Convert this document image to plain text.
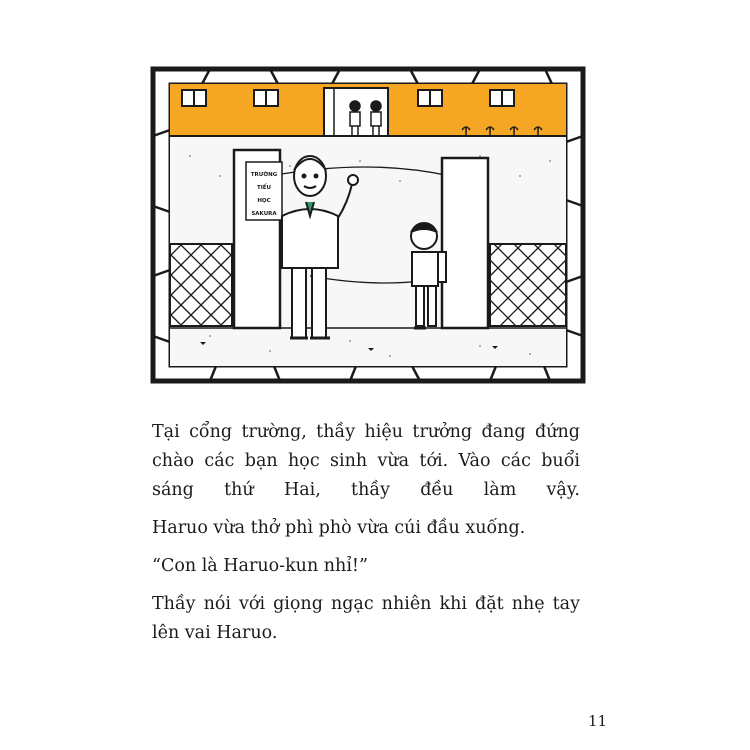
TRƯỜNG
TIỂU
HỌC
SAKURA

Tại cổng trường, thầy hiệu trưởng đang đứng chào các bạn học sinh vừa tới. Vào các buổi sáng thứ Hai, thầy đều làm vậy.

Haruo vừa thở phì phò vừa cúi đầu xuống.

“Con là Haruo-kun nhỉ!”

Thầy nói với giọng ngạc nhiên khi đặt nhẹ tay lên vai Haruo.

11
